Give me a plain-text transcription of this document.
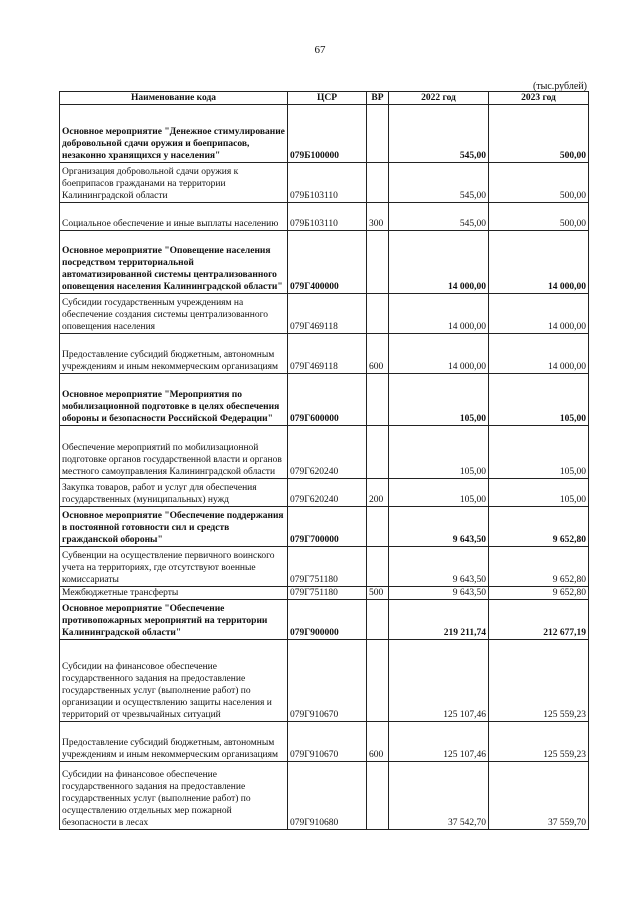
67
(тыс.рублей)
Наименование кода	ЦСР	ВР	2022 год	2023 год
Основное мероприятие "Денежное стимулирование добровольной сдачи оружия и боеприпасов, незаконно хранящихся у населения"	079Б100000		545,00	500,00
Организация добровольной сдачи оружия к боеприпасов гражданами на территории Калининградской области	079Б103110		545,00	500,00
Социальное обеспечение и иные выплаты населению	079Б103110	300	545,00	500,00
Основное мероприятие "Оповещение населения посредством территориальной автоматизированной системы централизованного оповещения населения Калининградской области"	079Г400000		14 000,00	14 000,00
Субсидии государственным учреждениям на обеспечение создания системы централизованного оповещения населения	079Г469118		14 000,00	14 000,00
Предоставление субсидий бюджетным, автономным учреждениям и иным некоммерческим организациям	079Г469118	600	14 000,00	14 000,00
Основное мероприятие "Мероприятия по мобилизационной подготовке в целях обеспечения обороны и безопасности Российской Федерации"	079Г600000		105,00	105,00
Обеспечение мероприятий по мобилизационной подготовке органов государственной власти и органов местного самоуправления Калининградской области	079Г620240		105,00	105,00
Закупка товаров, работ и услуг для обеспечения государственных (муниципальных) нужд	079Г620240	200	105,00	105,00
Основное мероприятие "Обеспечение поддержания в постоянной готовности сил и средств гражданской обороны"	079Г700000		9 643,50	9 652,80
Субвенции на осуществление первичного воинского учета на территориях, где отсутствуют военные комиссариаты	079Г751180		9 643,50	9 652,80
Межбюджетные трансферты	079Г751180	500	9 643,50	9 652,80
Основное мероприятие "Обеспечение противопожарных мероприятий на территории Калининградской области"	079Г900000		219 211,74	212 677,19
Субсидии на финансовое обеспечение государственного задания на предоставление государственных услуг (выполнение работ) по организации и осуществлению защиты населения и территорий от чрезвычайных ситуаций	079Г910670		125 107,46	125 559,23
Предоставление субсидий бюджетным, автономным учреждениям и иным некоммерческим организациям	079Г910670	600	125 107,46	125 559,23
Субсидии на финансовое обеспечение государственного задания на предоставление государственных услуг (выполнение работ) по осуществлению отдельных мер пожарной безопасности в лесах	079Г910680		37 542,70	37 559,70
